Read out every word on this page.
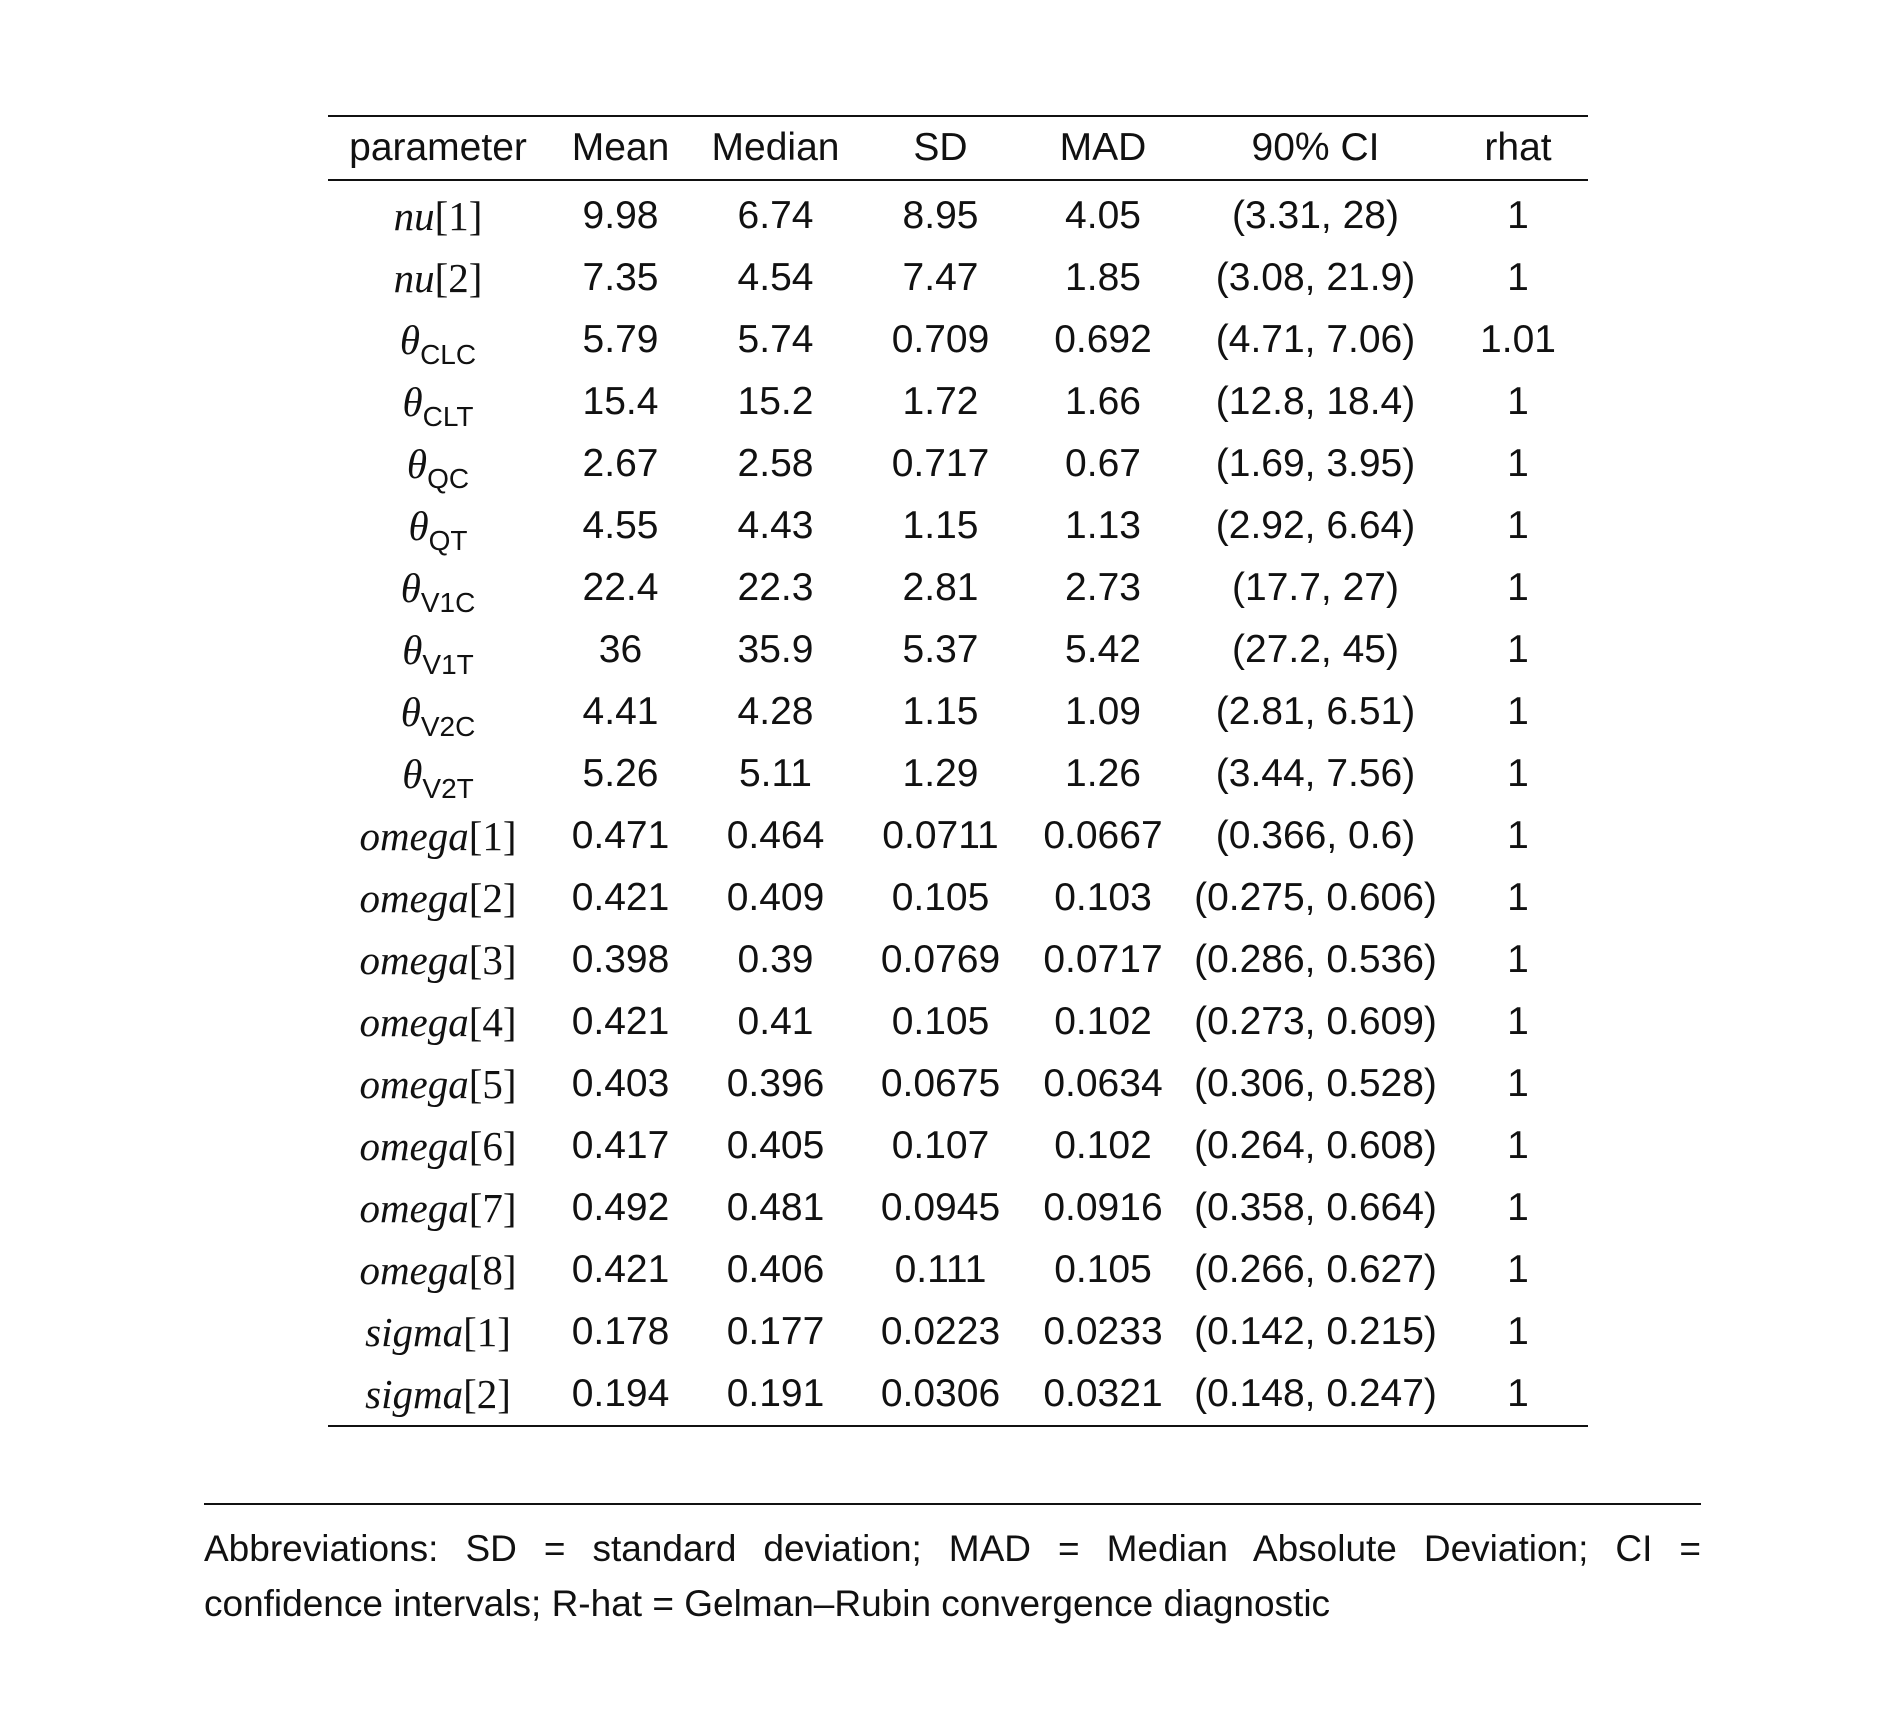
parameter	Mean	Median	SD	MAD	90% CI	rhat
nu[1]	9.98	6.74	8.95	4.05	(3.31, 28)	1
nu[2]	7.35	4.54	7.47	1.85	(3.08, 21.9)	1
$\theta_{CLC}$	5.79	5.74	0.709	0.692	(4.71, 7.06)	1.01
$\theta_{CLT}$	15.4	15.2	1.72	1.66	(12.8, 18.4)	1
$\theta_{QC}$	2.67	2.58	0.717	0.67	(1.69, 3.95)	1
$\theta_{QT}$	4.55	4.43	1.15	1.13	(2.92, 6.64)	1
$\theta_{V1C}$	22.4	22.3	2.81	2.73	(17.7, 27)	1
$\theta_{V1T}$	36	35.9	5.37	5.42	(27.2, 45)	1
$\theta_{V2C}$	4.41	4.28	1.15	1.09	(2.81, 6.51)	1
$\theta_{V2T}$	5.26	5.11	1.29	1.26	(3.44, 7.56)	1
omega[1]	0.471	0.464	0.0711	0.0667	(0.366, 0.6)	1
omega[2]	0.421	0.409	0.105	0.103	(0.275, 0.606)	1
omega[3]	0.398	0.39	0.0769	0.0717	(0.286, 0.536)	1
omega[4]	0.421	0.41	0.105	0.102	(0.273, 0.609)	1
omega[5]	0.403	0.396	0.0675	0.0634	(0.306, 0.528)	1
omega[6]	0.417	0.405	0.107	0.102	(0.264, 0.608)	1
omega[7]	0.492	0.481	0.0945	0.0916	(0.358, 0.664)	1
omega[8]	0.421	0.406	0.111	0.105	(0.266, 0.627)	1
sigma[1]	0.178	0.177	0.0223	0.0233	(0.142, 0.215)	1
sigma[2]	0.194	0.191	0.0306	0.0321	(0.148, 0.247)	1
Abbreviations: SD = standard deviation; MAD = Median Absolute Deviation; CI = confidence intervals; R-hat = Gelman–Rubin convergence diagnostic
